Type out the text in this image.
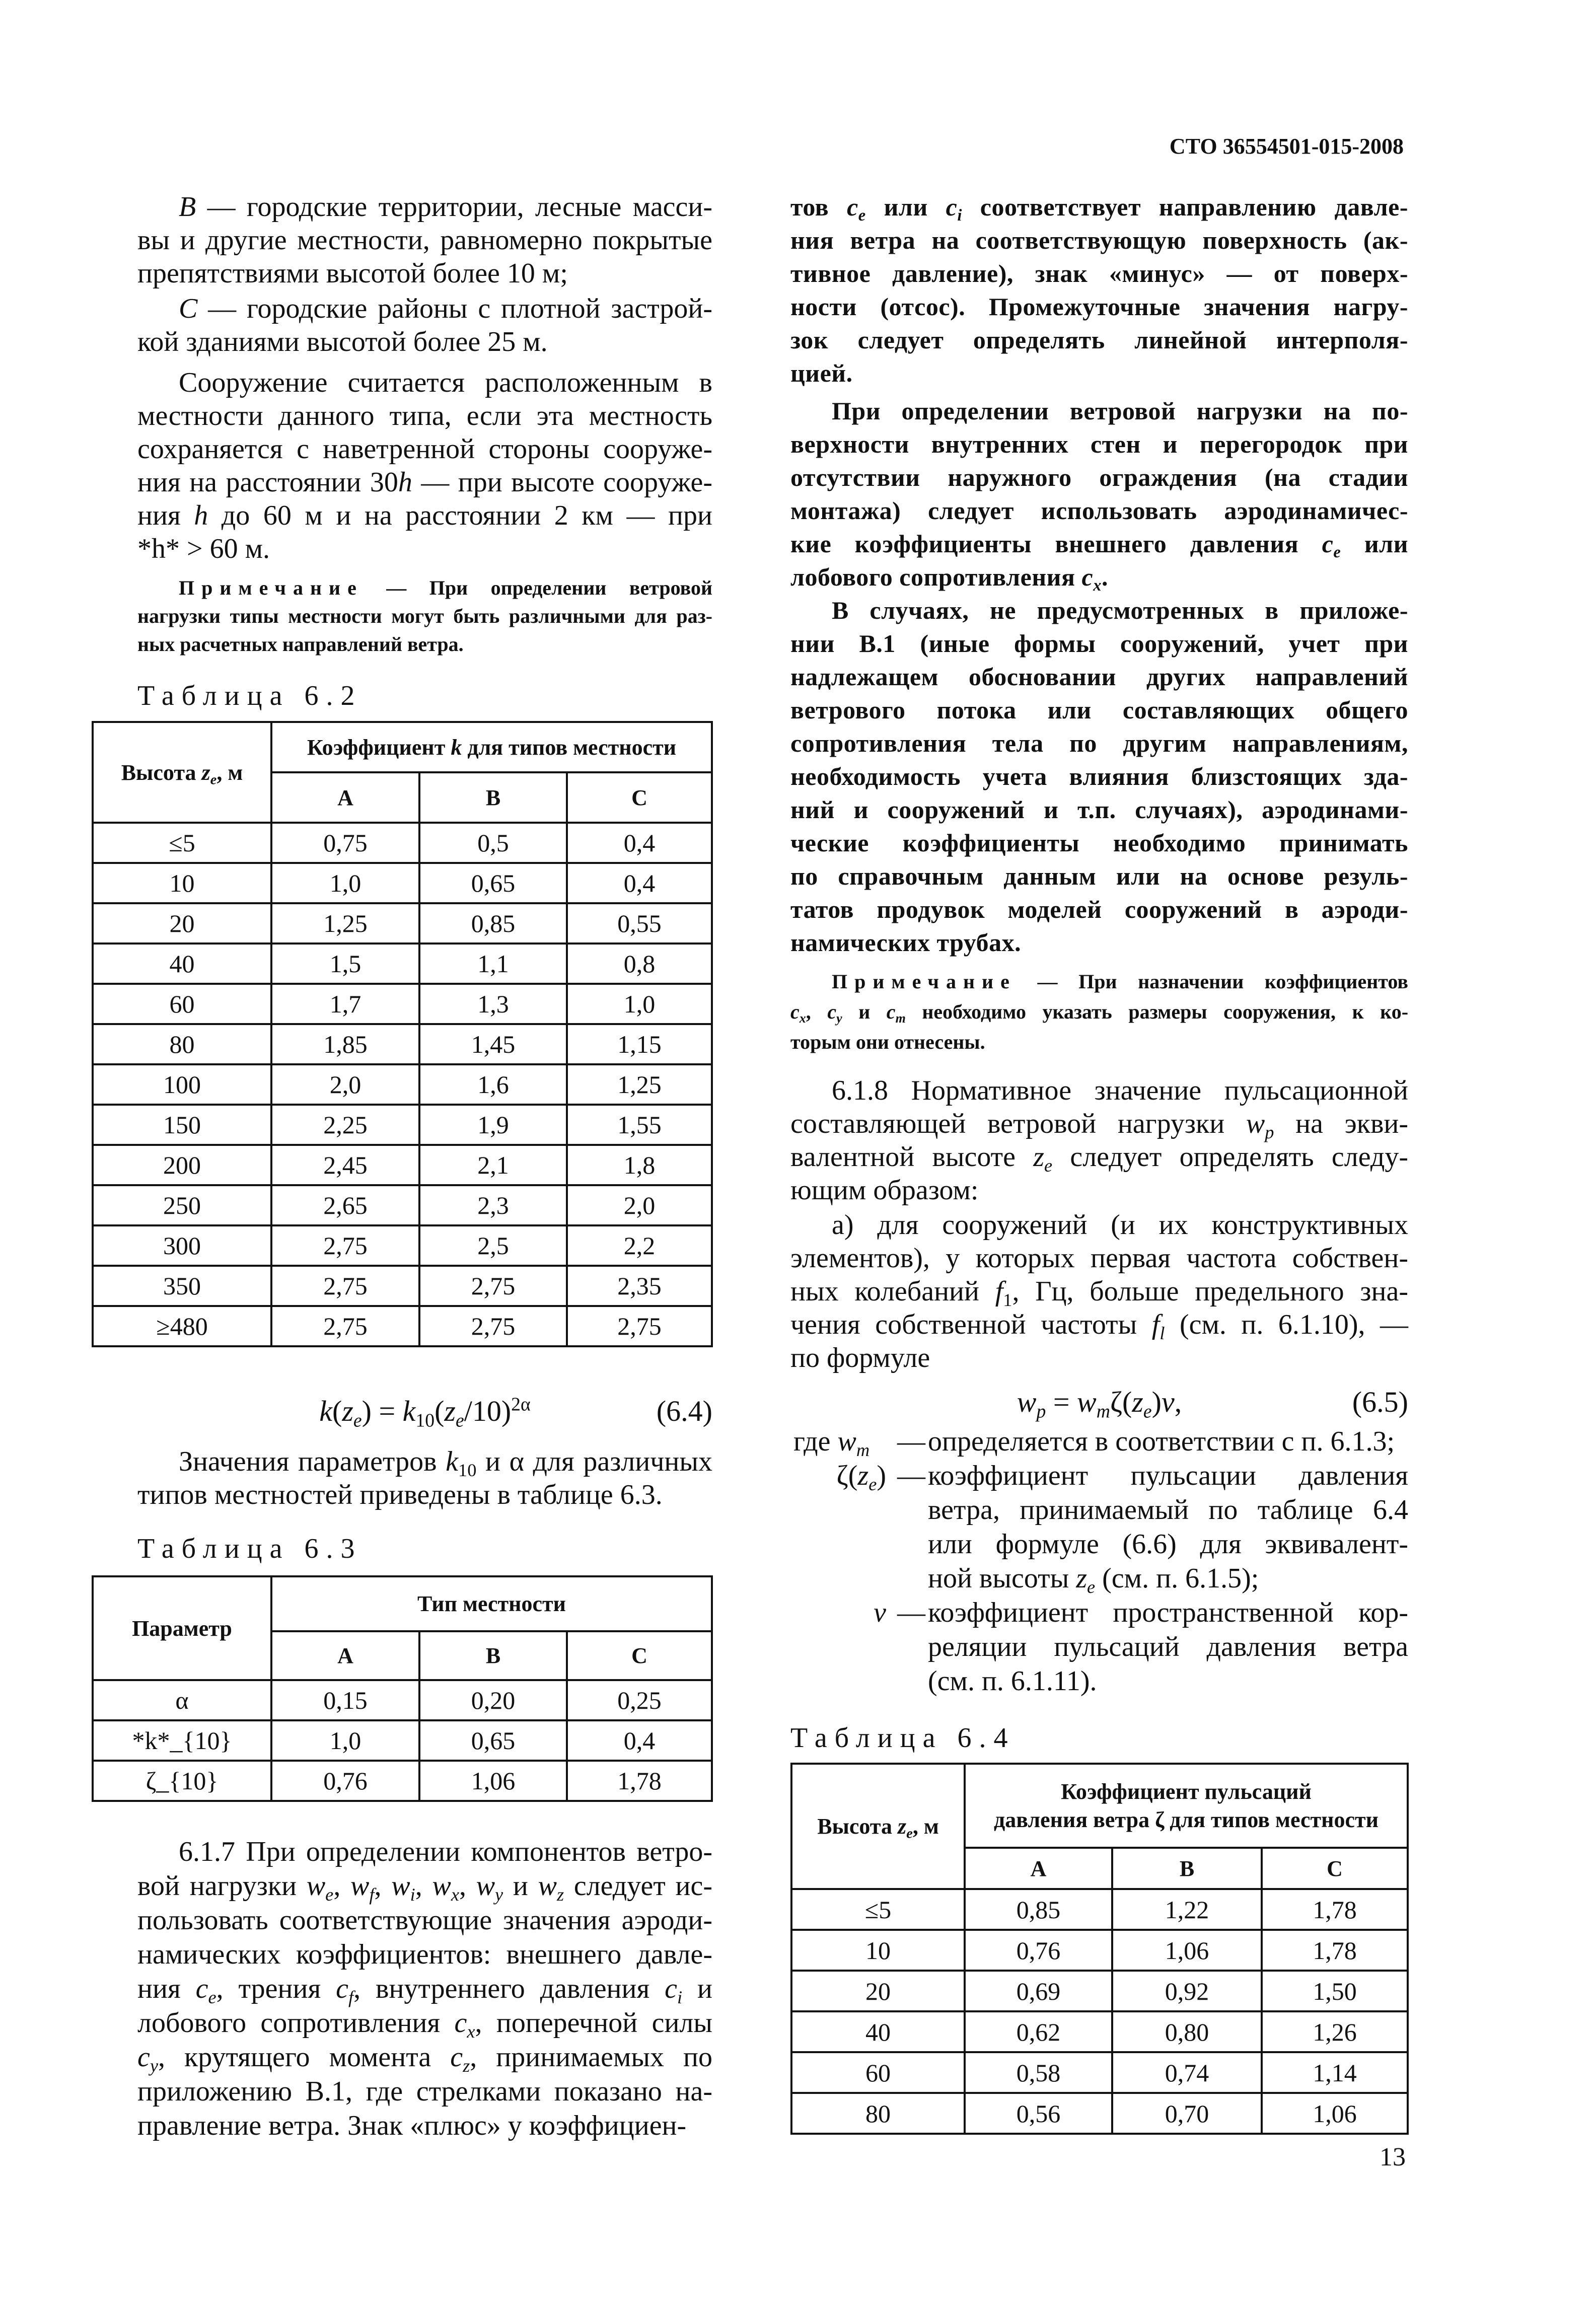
СТО 36554501-015-2008
B — городские территории, лесные масси-
вы и другие местности, равномерно покрытые
препятствиями высотой более 10 м;
C — городские районы с плотной застрой-
кой зданиями высотой более 25 м.
Сооружение считается расположенным в
местности данного типа, если эта местность
сохраняется с наветренной стороны сооруже-
ния на расстоянии 30h — при высоте сооруже-
ния h до 60 м и на расстоянии 2 км — при
*h* > 60 м.
Примечание — При определении ветровой
нагрузки типы местности могут быть различными для раз-
ных расчетных направлений ветра.
Таблица 6.2
Высота $z_e$, м	Коэффициент k для типов местности		
	A	B	C
≤5	0,75	0,5	0,4
10	1,0	0,65	0,4
20	1,25	0,85	0,55
40	1,5	1,1	0,8
60	1,7	1,3	1,0
80	1,85	1,45	1,15
100	2,0	1,6	1,25
150	2,25	1,9	1,55
200	2,45	2,1	1,8
250	2,65	2,3	2,0
300	2,75	2,5	2,2
350	2,75	2,75	2,35
≥480	2,75	2,75	2,75
$k(z_e) = k_{10}(z_e/10)^{2\alpha}$	(6.4)
Значения параметров $k_{10}$ и α для различных
типов местностей приведены в таблице 6.3.
Таблица 6.3
Параметр	Тип местности		
	A	B	C
α	0,15	0,20	0,25
*k*_{10}	1,0	0,65	0,4
ζ_{10}	0,76	1,06	1,78
6.1.7 При определении компонентов ветро-
вой нагрузки $w_e$, $w_f$, $w_i$, $w_x$, $w_y$ и $w_z$ следует ис-
пользовать соответствующие значения аэроди-
намических коэффициентов: внешнего давле-
ния $c_e$, трения $c_f$, внутреннего давления $c_i$ и
лобового сопротивления $c_x$, поперечной силы
$c_y$, крутящего момента $c_z$, принимаемых по
приложению В.1, где стрелками показано на-
правление ветра. Знак «плюс» у коэффициен-
тов $c_e$ или $c_i$ соответствует направлению давле-
ния ветра на соответствующую поверхность (ак-
тивное давление), знак «минус» — от поверх-
ности (отсос). Промежуточные значения нагру-
зок следует определять линейной интерполя-
цией.
При определении ветровой нагрузки на по-
верхности внутренних стен и перегородок при
отсутствии наружного ограждения (на стадии
монтажа) следует использовать аэродинамичес-
кие коэффициенты внешнего давления $c_e$ или
лобового сопротивления $c_x$.
В случаях, не предусмотренных в приложе-
нии В.1 (иные формы сооружений, учет при
надлежащем обосновании других направлений
ветрового потока или составляющих общего
сопротивления тела по другим направлениям,
необходимость учета влияния близстоящих зда-
ний и сооружений и т.п. случаях), аэродинами-
ческие коэффициенты необходимо принимать
по справочным данным или на основе резуль-
татов продувок моделей сооружений в аэроди-
намических трубах.
Примечание — При назначении коэффициентов
$c_x$, $c_y$ и $c_m$ необходимо указать размеры сооружения, к ко-
торым они отнесены.
6.1.8 Нормативное значение пульсационной
составляющей ветровой нагрузки $w_p$ на экви-
валентной высоте $z_e$ следует определять следу-
ющим образом:
а) для сооружений (и их конструктивных
элементов), у которых первая частота собствен-
ных колебаний $f_1$, Гц, больше предельного зна-
чения собственной частоты $f_l$ (см. п. 6.1.10), —
по формуле
$w_p = w_m\zeta(z_e)v$,	(6.5)
где $w_m$ — определяется в соответствии с п. 6.1.3;
$\zeta(z_e)$ — коэффициент пульсации давления
ветра, принимаемый по таблице 6.4
или формуле (6.6) для эквивалент-
ной высоты $z_e$ (см. п. 6.1.5);
v — коэффициент пространственной кор-
реляции пульсаций давления ветра
(см. п. 6.1.11).
Таблица 6.4
Высота $z_e$, м	Коэффициент пульсаций
давления ветра ζ для типов местности		

	A	B	C
≤5	0,85	1,22	1,78
10	0,76	1,06	1,78
20	0,69	0,92	1,50
40	0,62	0,80	1,26
60	0,58	0,74	1,14
80	0,56	0,70	1,06
13
